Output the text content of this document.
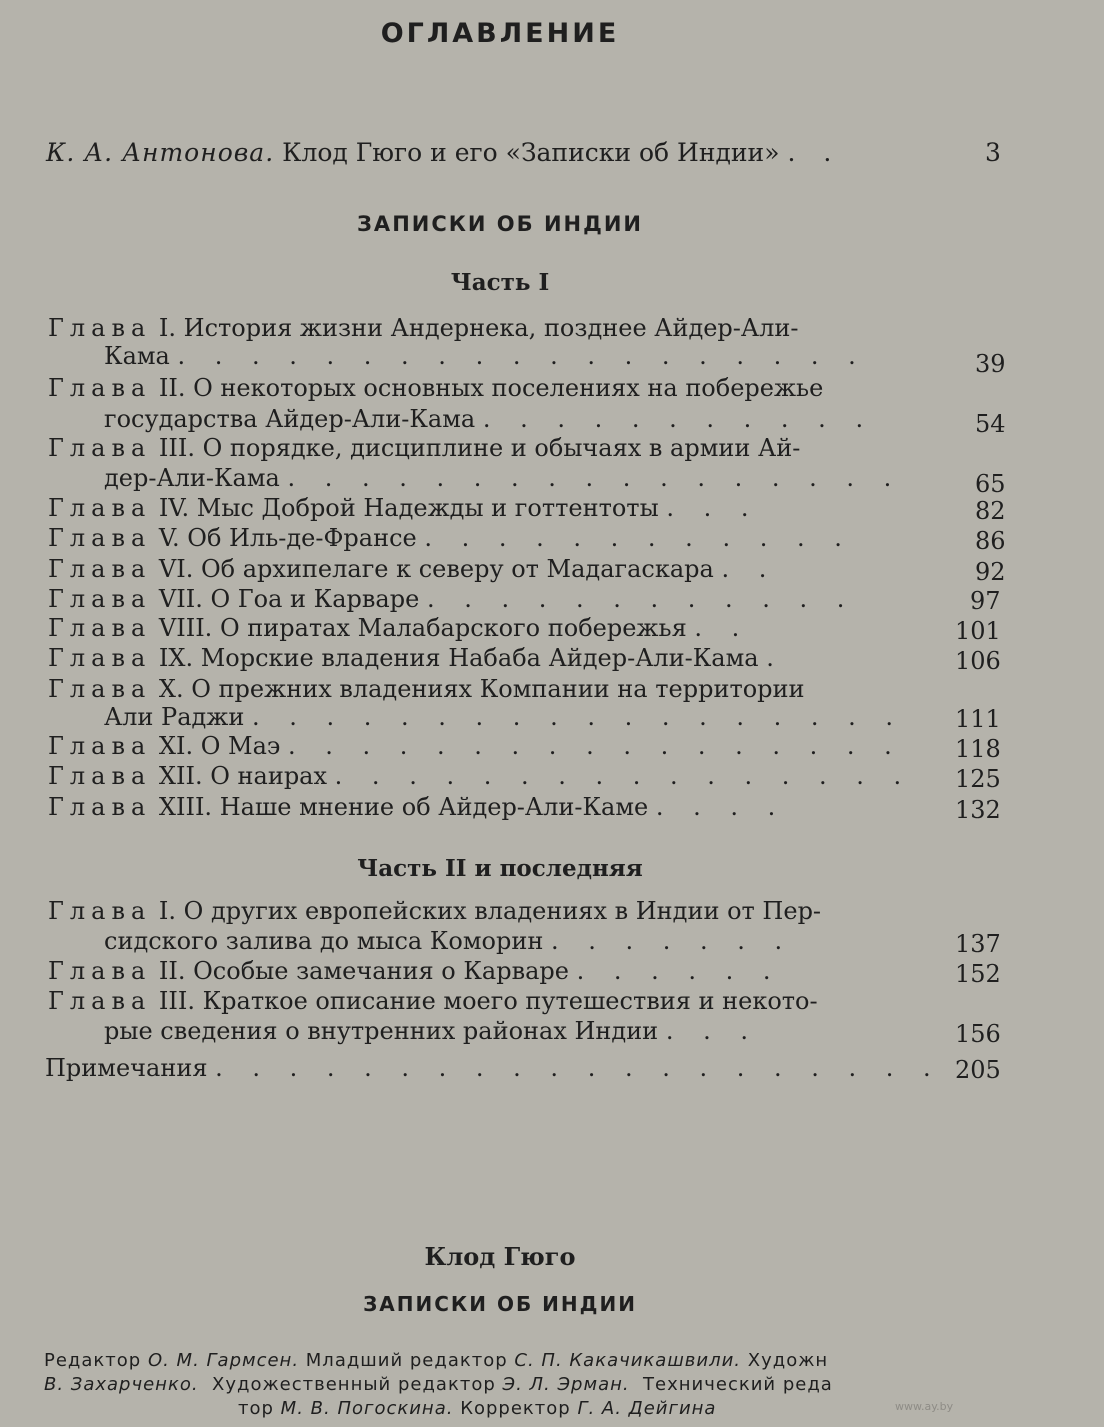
ОГЛАВЛЕНИЕ
К. А. Антонова. Клод Гюго и его «Записки об Индии» . .	3
ЗАПИСКИ ОБ ИНДИИ
Часть I
Глава I. История жизни Андернека, позднее Айдер-Али-
Кама . . . . . . . . . . . . . . . . . . .	39
Глава II. О некоторых основных поселениях на побережье
государства Айдер-Али-Кама . . . . . . . . . . .	54
Глава III. О порядке, дисциплине и обычаях в армии Ай-
дер-Али-Кама . . . . . . . . . . . . . . . . .	65
Глава IV. Мыс Доброй Надежды и готтентоты . . .	82
Глава V. Об Иль-де-Франсе . . . . . . . . . . . .	86
Глава VI. Об архипелаге к северу от Мадагаскара . .	92
Глава VII. О Гоа и Карваре . . . . . . . . . . . .	97
Глава VIII. О пиратах Малабарского побережья . .	101
Глава IX. Морские владения Набаба Айдер-Али-Кама .	106
Глава X. О прежних владениях Компании на территории
Али Раджи . . . . . . . . . . . . . . . . . .	111
Глава XI. О Маэ . . . . . . . . . . . . . . . . .	118
Глава XII. О наирах . . . . . . . . . . . . . . . .	125
Глава XIII. Наше мнение об Айдер-Али-Каме . . . .	132
Часть II и последняя
Глава I. О других европейских владениях в Индии от Пер-
сидского залива до мыса Коморин . . . . . . .	137
Глава II. Особые замечания о Карваре . . . . . .	152
Глава III. Краткое описание моего путешествия и некото-
рые сведения о внутренних районах Индии . . .	156
Примечания . . . . . . . . . . . . . . . . . . . . 205
Клод Гюго
ЗАПИСКИ ОБ ИНДИИ
Редактор О. М. Гармсен. Младший редактор С. П. Какачикашвили. Художн
В. Захарченко. Художественный редактор Э. Л. Эрман. Технический реда
тор М. В. Погоскина. Корректор Г. А. Дейгина	www.ay.by
